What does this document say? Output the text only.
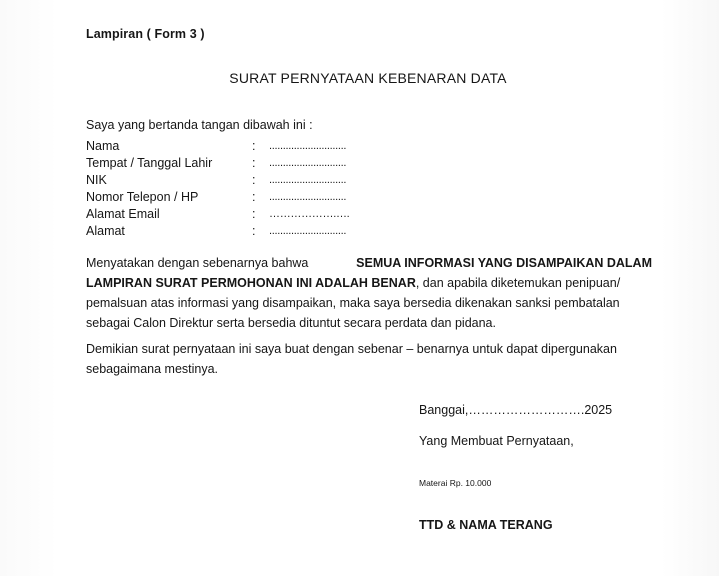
Lampiran ( Form 3 )
SURAT PERNYATAAN KEBENARAN DATA
Saya yang bertanda tangan dibawah ini :
Nama	:	............................
Tempat / Tanggal Lahir	:	............................
NIK	:	............................
Nomor Telepon / HP	:	............................
Alamat Email	:	……………….….
Alamat	:	............................
Menyatakan dengan sebenarnya bahwa	SEMUA INFORMASI YANG DISAMPAIKAN DALAM
LAMPIRAN SURAT PERMOHONAN INI ADALAH BENAR, dan apabila diketemukan penipuan/
pemalsuan atas informasi yang disampaikan, maka saya bersedia dikenakan sanksi pembatalan
sebagai Calon Direktur serta bersedia dituntut secara perdata dan pidana.
Demikian surat pernyataan ini saya buat dengan sebenar – benarnya untuk dapat dipergunakan
sebagaimana mestinya.
Banggai,……………………….2025
Yang Membuat Pernyataan,
Materai Rp. 10.000
TTD & NAMA TERANG
